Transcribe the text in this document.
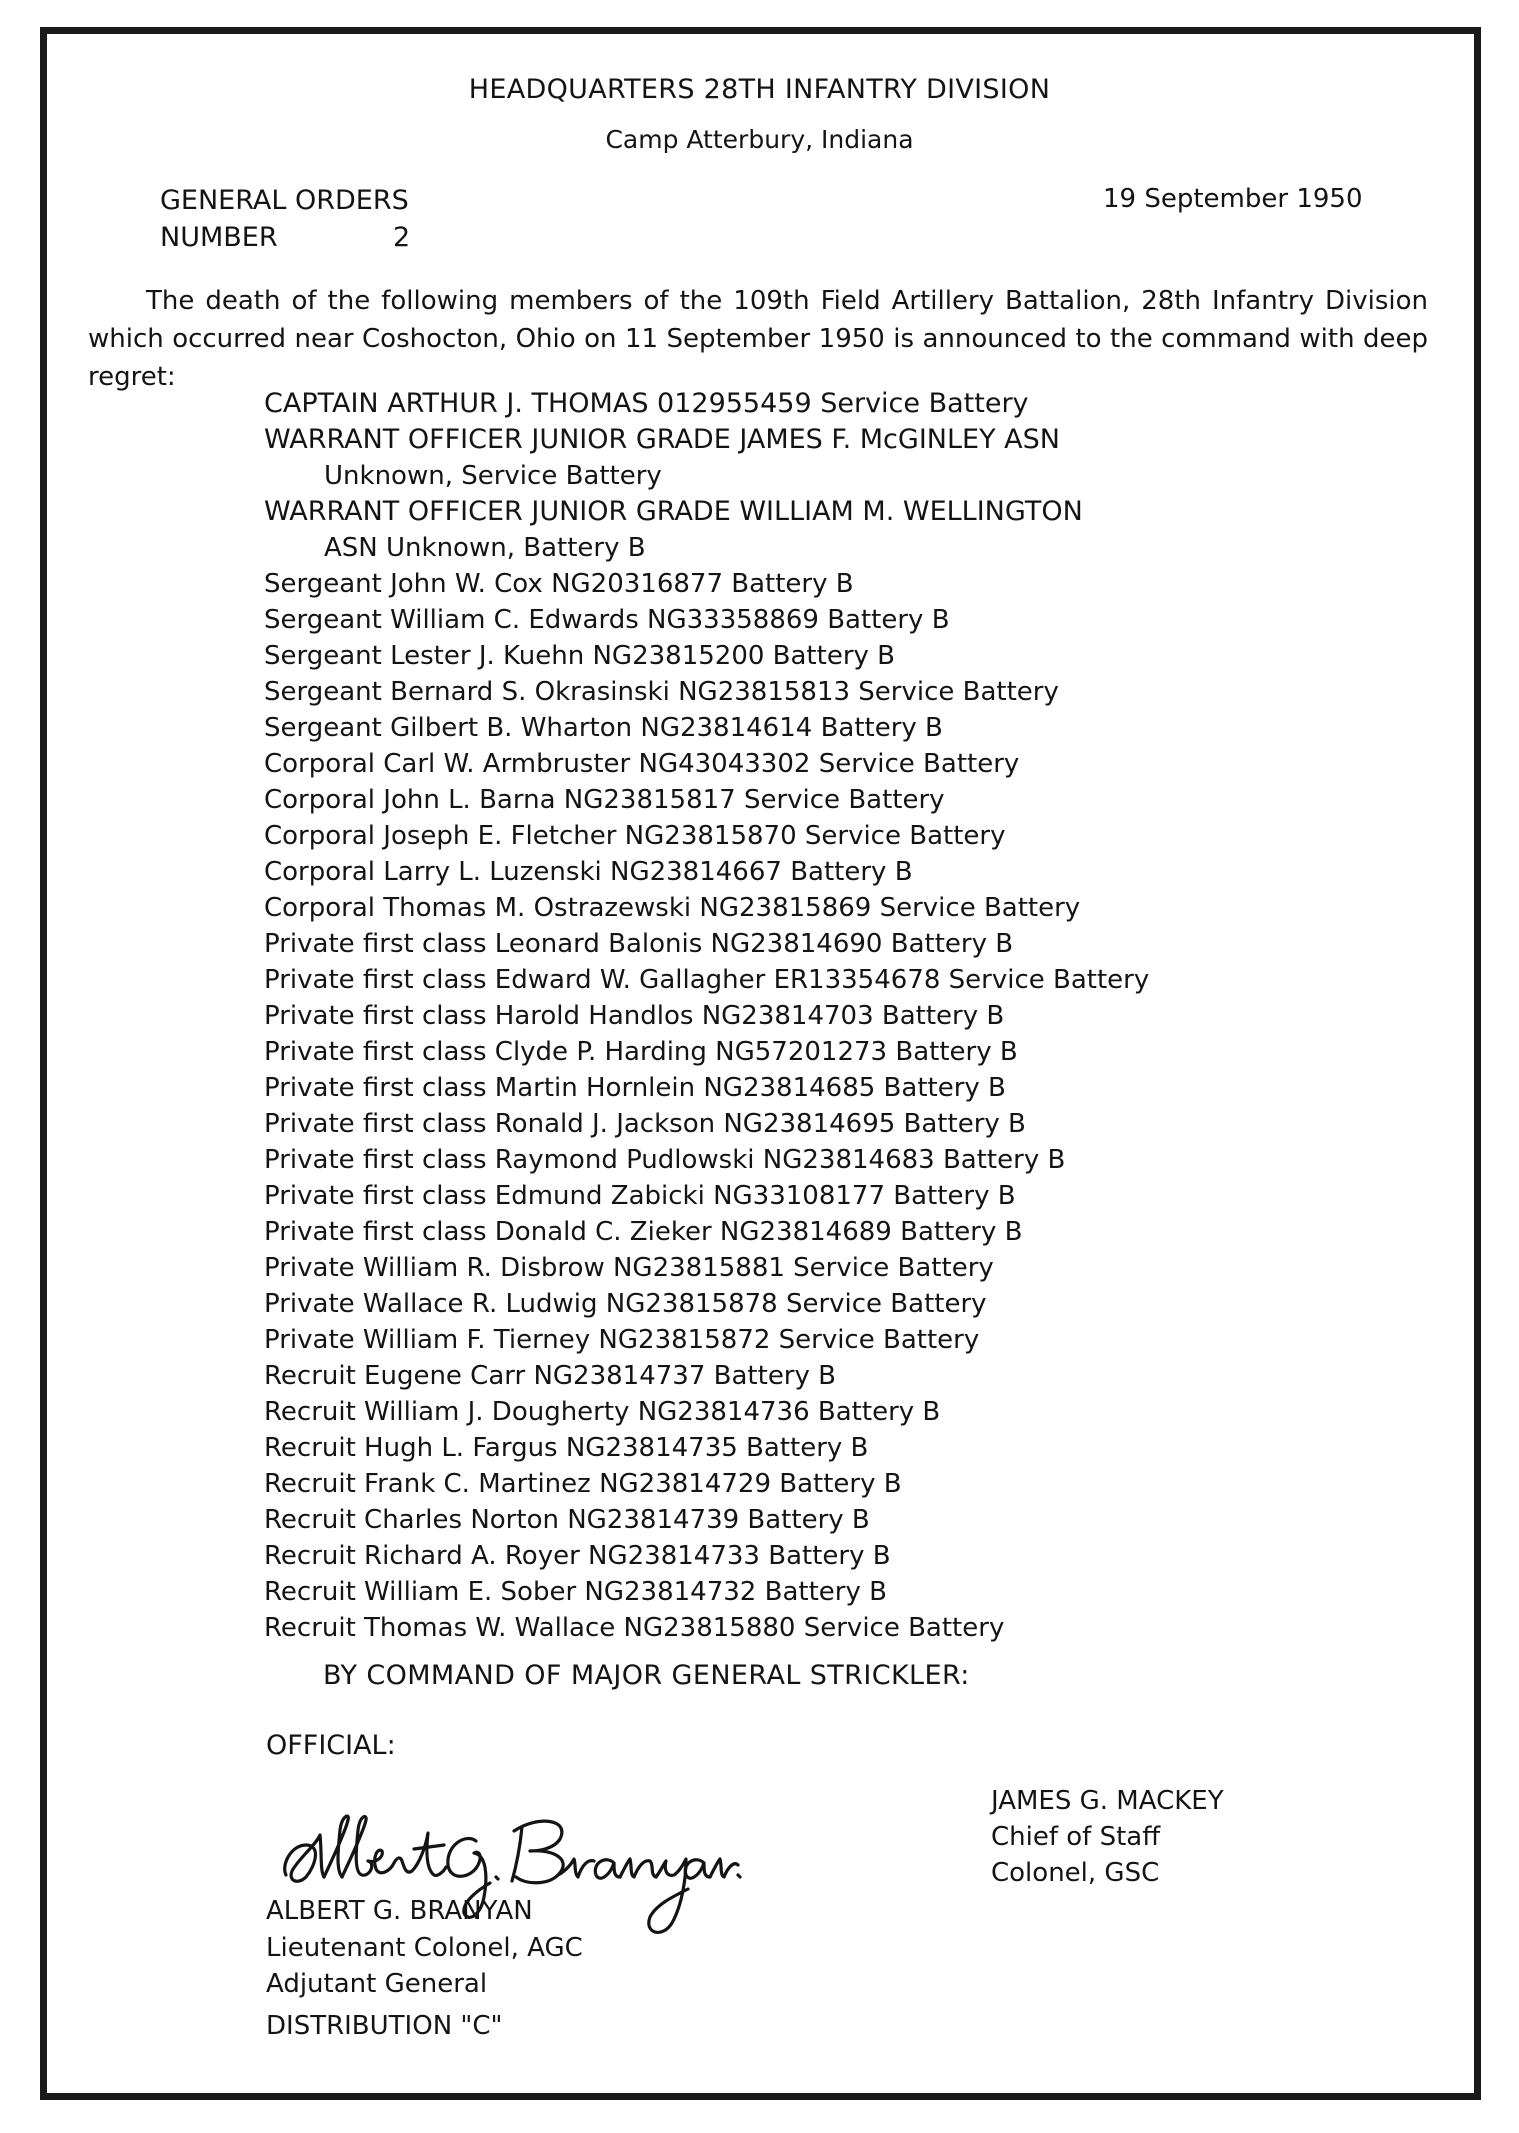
HEADQUARTERS 28TH INFANTRY DIVISION
Camp Atterbury, Indiana
GENERAL ORDERS
NUMBER	2
19 September 1950
The death of the following members of the 109th Field Artillery Battalion, 28th Infantry Division which occurred near Coshocton, Ohio on 11 September 1950 is announced to the command with deep regret:
CAPTAIN ARTHUR J. THOMAS 012955459 Service Battery
WARRANT OFFICER JUNIOR GRADE JAMES F. McGINLEY ASN
Unknown, Service Battery
WARRANT OFFICER JUNIOR GRADE WILLIAM M. WELLINGTON
ASN Unknown, Battery B
Sergeant John W. Cox NG20316877 Battery B
Sergeant William C. Edwards NG33358869 Battery B
Sergeant Lester J. Kuehn NG23815200 Battery B
Sergeant Bernard S. Okrasinski NG23815813 Service Battery
Sergeant Gilbert B. Wharton NG23814614 Battery B
Corporal Carl W. Armbruster NG43043302 Service Battery
Corporal John L. Barna NG23815817 Service Battery
Corporal Joseph E. Fletcher NG23815870 Service Battery
Corporal Larry L. Luzenski NG23814667 Battery B
Corporal Thomas M. Ostrazewski NG23815869 Service Battery
Private first class Leonard Balonis NG23814690 Battery B
Private first class Edward W. Gallagher ER13354678 Service Battery
Private first class Harold Handlos NG23814703 Battery B
Private first class Clyde P. Harding NG57201273 Battery B
Private first class Martin Hornlein NG23814685 Battery B
Private first class Ronald J. Jackson NG23814695 Battery B
Private first class Raymond Pudlowski NG23814683 Battery B
Private first class Edmund Zabicki NG33108177 Battery B
Private first class Donald C. Zieker NG23814689 Battery B
Private William R. Disbrow NG23815881 Service Battery
Private Wallace R. Ludwig NG23815878 Service Battery
Private William F. Tierney NG23815872 Service Battery
Recruit Eugene Carr NG23814737 Battery B
Recruit William J. Dougherty NG23814736 Battery B
Recruit Hugh L. Fargus NG23814735 Battery B
Recruit Frank C. Martinez NG23814729 Battery B
Recruit Charles Norton NG23814739 Battery B
Recruit Richard A. Royer NG23814733 Battery B
Recruit William E. Sober NG23814732 Battery B
Recruit Thomas W. Wallace NG23815880 Service Battery
BY COMMAND OF MAJOR GENERAL STRICKLER:
OFFICIAL:
ALBERT G. BRANYAN
Lieutenant Colonel, AGC
Adjutant General
DISTRIBUTION "C"
JAMES G. MACKEY
Chief of Staff
Colonel, GSC
